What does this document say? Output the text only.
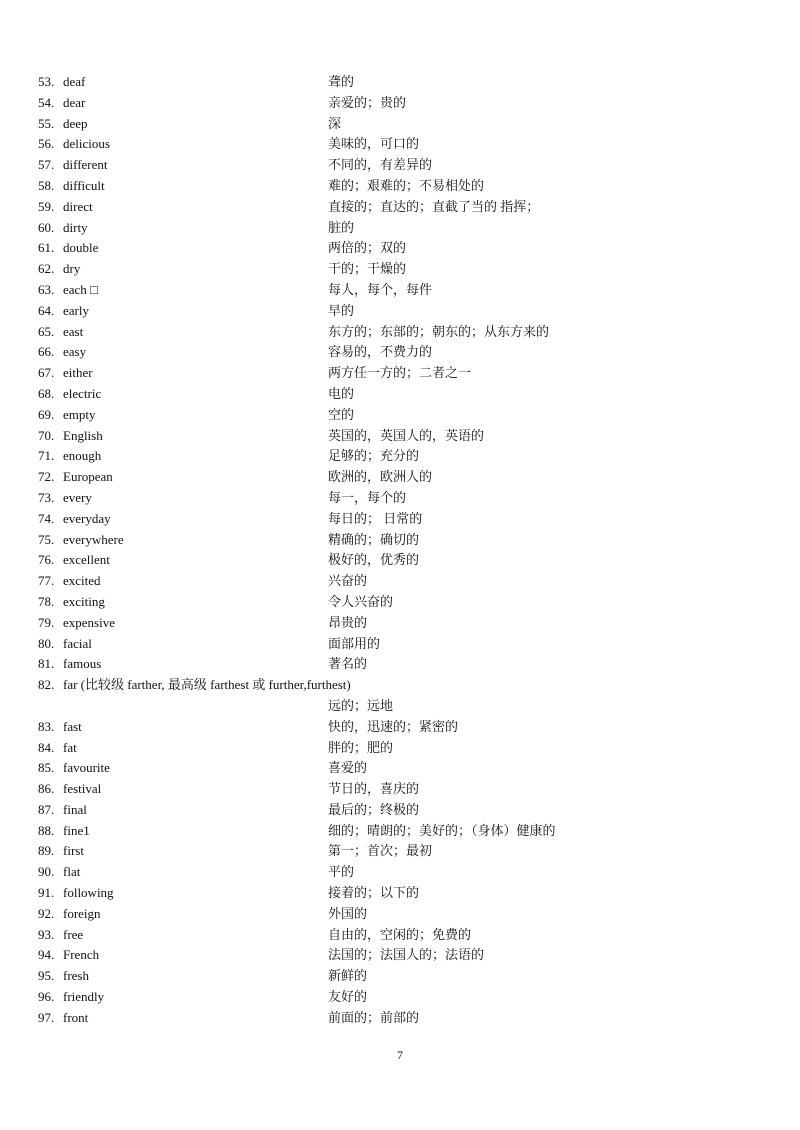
53. deaf	聋的
54. dear	亲爱的；贵的
55. deep	深
56. delicious	美味的，可口的
57. different	不同的，有差异的
58. difficult	难的；艰难的；不易相处的
59. direct	直接的；直达的；直截了当的 指挥；
60. dirty	脏的
61. double	两倍的；双的
62. dry	干的；干燥的
63. each □	每人，每个，每件
64. early	早的
65. east	东方的；东部的；朝东的；从东方来的
66. easy	容易的，不费力的
67. either	两方任一方的；二者之一
68. electric	电的
69. empty	空的
70. English	英国的，英国人的，英语的
71. enough	足够的；充分的
72. European	欧洲的，欧洲人的
73. every	每一，每个的
74. everyday	每日的； 日常的
75. everywhere	精确的；确切的
76. excellent	极好的，优秀的
77. excited	兴奋的
78. exciting	令人兴奋的
79. expensive	昂贵的
80. facial	面部用的
81. famous	著名的
82. far (比较级 farther, 最高级 farthest 或 further,furthest)
远的；远地
83. fast	快的，迅速的；紧密的
84. fat	胖的；肥的
85. favourite	喜爱的
86. festival	节日的，喜庆的
87. final	最后的；终极的
88. fine1	细的；晴朗的；美好的；（身体）健康的
89. first	第一；首次；最初
90. flat	平的
91. following	接着的；以下的
92. foreign	外国的
93. free	自由的，空闲的；免费的
94. French	法国的；法国人的；法语的
95. fresh	新鲜的
96. friendly	友好的
97. front	前面的；前部的
7
